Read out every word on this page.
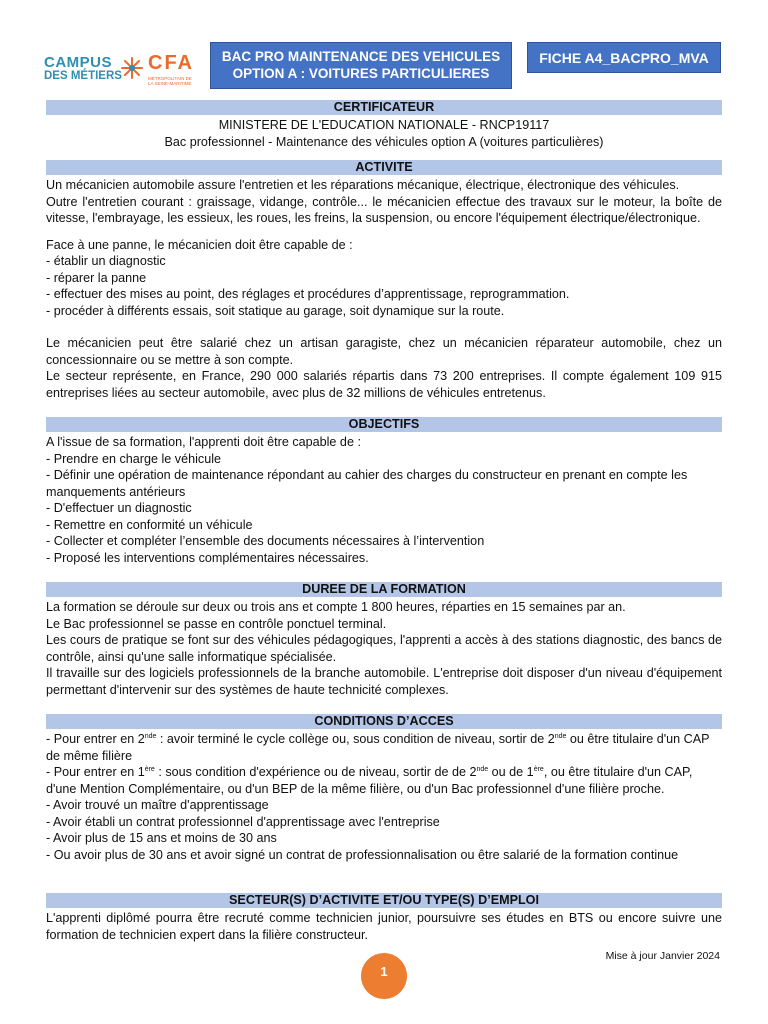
CAMPUS
DES MÉTIERS
CFA
MÉTROPOLITAIN DE LA SEINE-MARITIME
BAC PRO MAINTENANCE DES VEHICULES
OPTION A : VOITURES PARTICULIERES
FICHE A4_BACPRO_MVA
CERTIFICATEUR

MINISTERE DE L'EDUCATION NATIONALE - RNCP19117

Bac professionnel - Maintenance des véhicules option A (voitures particulières)

ACTIVITE

Un mécanicien automobile assure l'entretien et les réparations mécanique, électrique, électronique des véhicules.

Outre l'entretien courant : graissage, vidange, contrôle... le mécanicien effectue des travaux sur le moteur, la boîte de vitesse, l'embrayage, les essieux, les roues, les freins, la suspension, ou encore l'équipement électrique/électronique.

Face à une panne, le mécanicien doit être capable de :

- établir un diagnostic

- réparer la panne

- effectuer des mises au point, des réglages et procédures d’apprentissage, reprogrammation.

- procéder à différents essais, soit statique au garage, soit dynamique sur la route.

Le mécanicien peut être salarié chez un artisan garagiste, chez un mécanicien réparateur automobile, chez un concessionnaire ou se mettre à son compte.

Le secteur représente, en France, 290 000 salariés répartis dans 73 200 entreprises. Il compte également 109 915 entreprises liées au secteur automobile, avec plus de 32 millions de véhicules entretenus.

OBJECTIFS

A l'issue de sa formation, l'apprenti doit être capable de :

- Prendre en charge le véhicule

- Définir une opération de maintenance répondant au cahier des charges du constructeur en prenant en compte les manquements antérieurs

- D'effectuer un diagnostic

- Remettre en conformité un véhicule

- Collecter et compléter l’ensemble des documents nécessaires à l’intervention

- Proposé les interventions complémentaires nécessaires.

DUREE DE LA FORMATION

La formation se déroule sur deux ou trois ans et compte 1 800 heures, réparties en 15 semaines par an.

Le Bac professionnel se passe en contrôle ponctuel terminal.

Les cours de pratique se font sur des véhicules pédagogiques, l'apprenti a accès à des stations diagnostic, des bancs de contrôle, ainsi qu'une salle informatique spécialisée.

Il travaille sur des logiciels professionnels de la branche automobile. L'entreprise doit disposer d'un niveau d'équipement permettant d'intervenir sur des systèmes de haute technicité complexes.

CONDITIONS D’ACCES

- Pour entrer en 2nde : avoir terminé le cycle collège ou, sous condition de niveau, sortir de 2nde ou être titulaire d'un CAP de même filière

- Pour entrer en 1ère : sous condition d'expérience ou de niveau, sortir de de 2nde ou de 1ère, ou être titulaire d'un CAP, d'une Mention Complémentaire, ou d'un BEP de la même filière, ou d'un Bac professionnel d'une filière proche.

- Avoir trouvé un maître d'apprentissage

- Avoir établi un contrat professionnel d'apprentissage avec l'entreprise

- Avoir plus de 15 ans et moins de 30 ans

- Ou avoir plus de 30 ans et avoir signé un contrat de professionnalisation ou être salarié de la formation continue

SECTEUR(S) D’ACTIVITE ET/OU TYPE(S) D’EMPLOI

L'apprenti diplômé pourra être recruté comme technicien junior, poursuivre ses études en BTS ou encore suivre une formation de technicien expert dans la filière constructeur.

Mise à jour Janvier 2024
1
